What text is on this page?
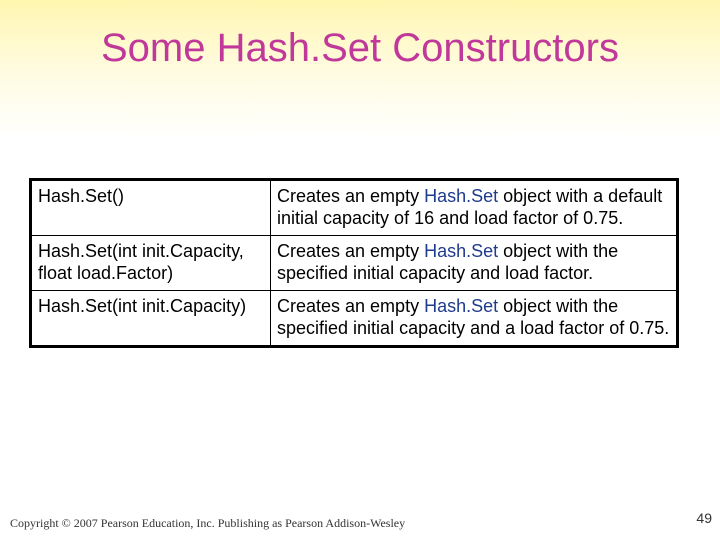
Some Hash.Set Constructors
Hash.Set()	Creates an empty Hash.Set object with a default initial capacity of 16 and load factor of 0.75.
Hash.Set(int init.Capacity, float load.Factor)	Creates an empty Hash.Set object with the specified initial capacity and load factor.
Hash.Set(int init.Capacity)	Creates an empty Hash.Set object with the specified initial capacity and a load factor of 0.75.
Copyright © 2007 Pearson Education, Inc. Publishing as Pearson Addison-Wesley	49
